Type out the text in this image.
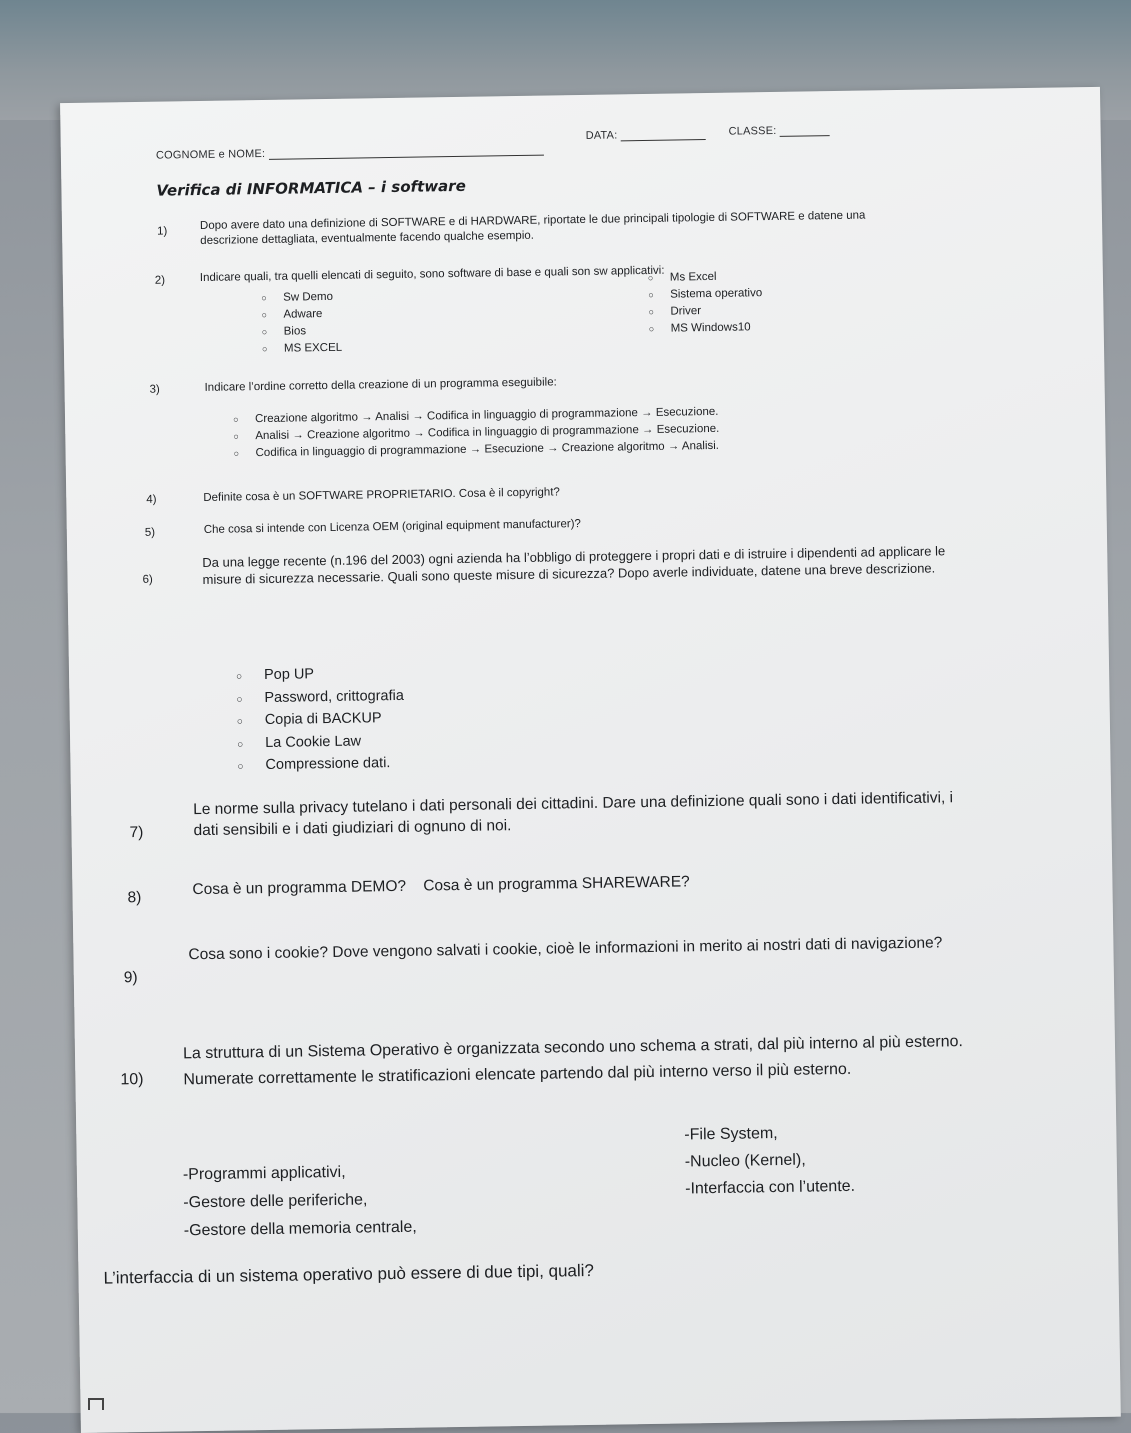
COGNOME e NOME:
DATA:	CLASSE:
Verifica di INFORMATICA – i software
1)	Dopo avere dato una definizione di SOFTWARE e di HARDWARE, riportate le due principali tipologie di SOFTWARE e datene una descrizione dettagliata, eventualmente facendo qualche esempio.
2)	Indicare quali, tra quelli elencati di seguito, sono software di base e quali son sw applicativi:
○ Sw Demo
○ Adware
○ Bios
○ MS EXCEL
○ Ms Excel
○ Sistema operativo
○ Driver
○ MS Windows10
3)	Indicare l’ordine corretto della creazione di un programma eseguibile:
○ Creazione algoritmo → Analisi → Codifica in linguaggio di programmazione → Esecuzione.
○ Analisi → Creazione algoritmo → Codifica in linguaggio di programmazione → Esecuzione.
○ Codifica in linguaggio di programmazione → Esecuzione → Creazione algoritmo → Analisi.
4)	Definite cosa è un SOFTWARE PROPRIETARIO. Cosa è il copyright?
5)	Che cosa si intende con Licenza OEM (original equipment manufacturer)?
6)
Da una legge recente (n.196 del 2003) ogni azienda ha l’obbligo di proteggere i propri dati e di istruire i dipendenti ad applicare le misure di sicurezza necessarie. Quali sono queste misure di sicurezza? Dopo averle individuate, datene una breve descrizione.
○ Pop UP
○ Password, crittografia
○ Copia di BACKUP
○ La Cookie Law
○ Compressione dati.
7)
Le norme sulla privacy tutelano i dati personali dei cittadini. Dare una definizione quali sono i dati identificativi, i dati sensibili e i dati giudiziari di ognuno di noi.
8)	Cosa è un programma DEMO?    Cosa è un programma SHAREWARE?
9)
Cosa sono i cookie? Dove vengono salvati i cookie, cioè le informazioni in merito ai nostri dati di navigazione?
10)
La struttura di un Sistema Operativo è organizzata secondo uno schema a strati, dal più interno al più esterno. Numerate correttamente le stratificazioni elencate partendo dal più interno verso il più esterno.
-Programmi applicativi,
-Gestore delle periferiche,
-Gestore della memoria centrale,
-File System,
-Nucleo (Kernel),
-Interfaccia con l’utente.
L’interfaccia di un sistema operativo può essere di due tipi, quali?
